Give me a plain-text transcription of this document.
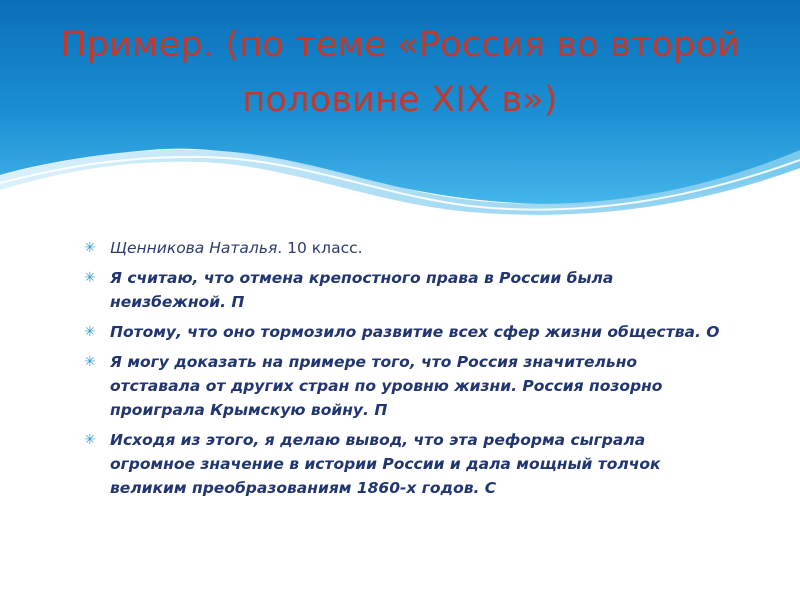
Пример. (по теме «Россия во второй половине XIX в»)
✳ Щенникова Наталья. 10 класс.
✳ Я считаю, что отмена крепостного права в России была неизбежной. П
✳ Потому, что оно тормозило развитие всех сфер жизни общества. О
✳ Я могу доказать на примере того, что Россия значительно отставала от других стран по уровню жизни. Россия позорно проиграла Крымскую войну. П
✳ Исходя из этого, я делаю вывод, что эта реформа сыграла огромное значение в истории России и дала мощный толчок великим преобразованиям 1860-х годов. С
